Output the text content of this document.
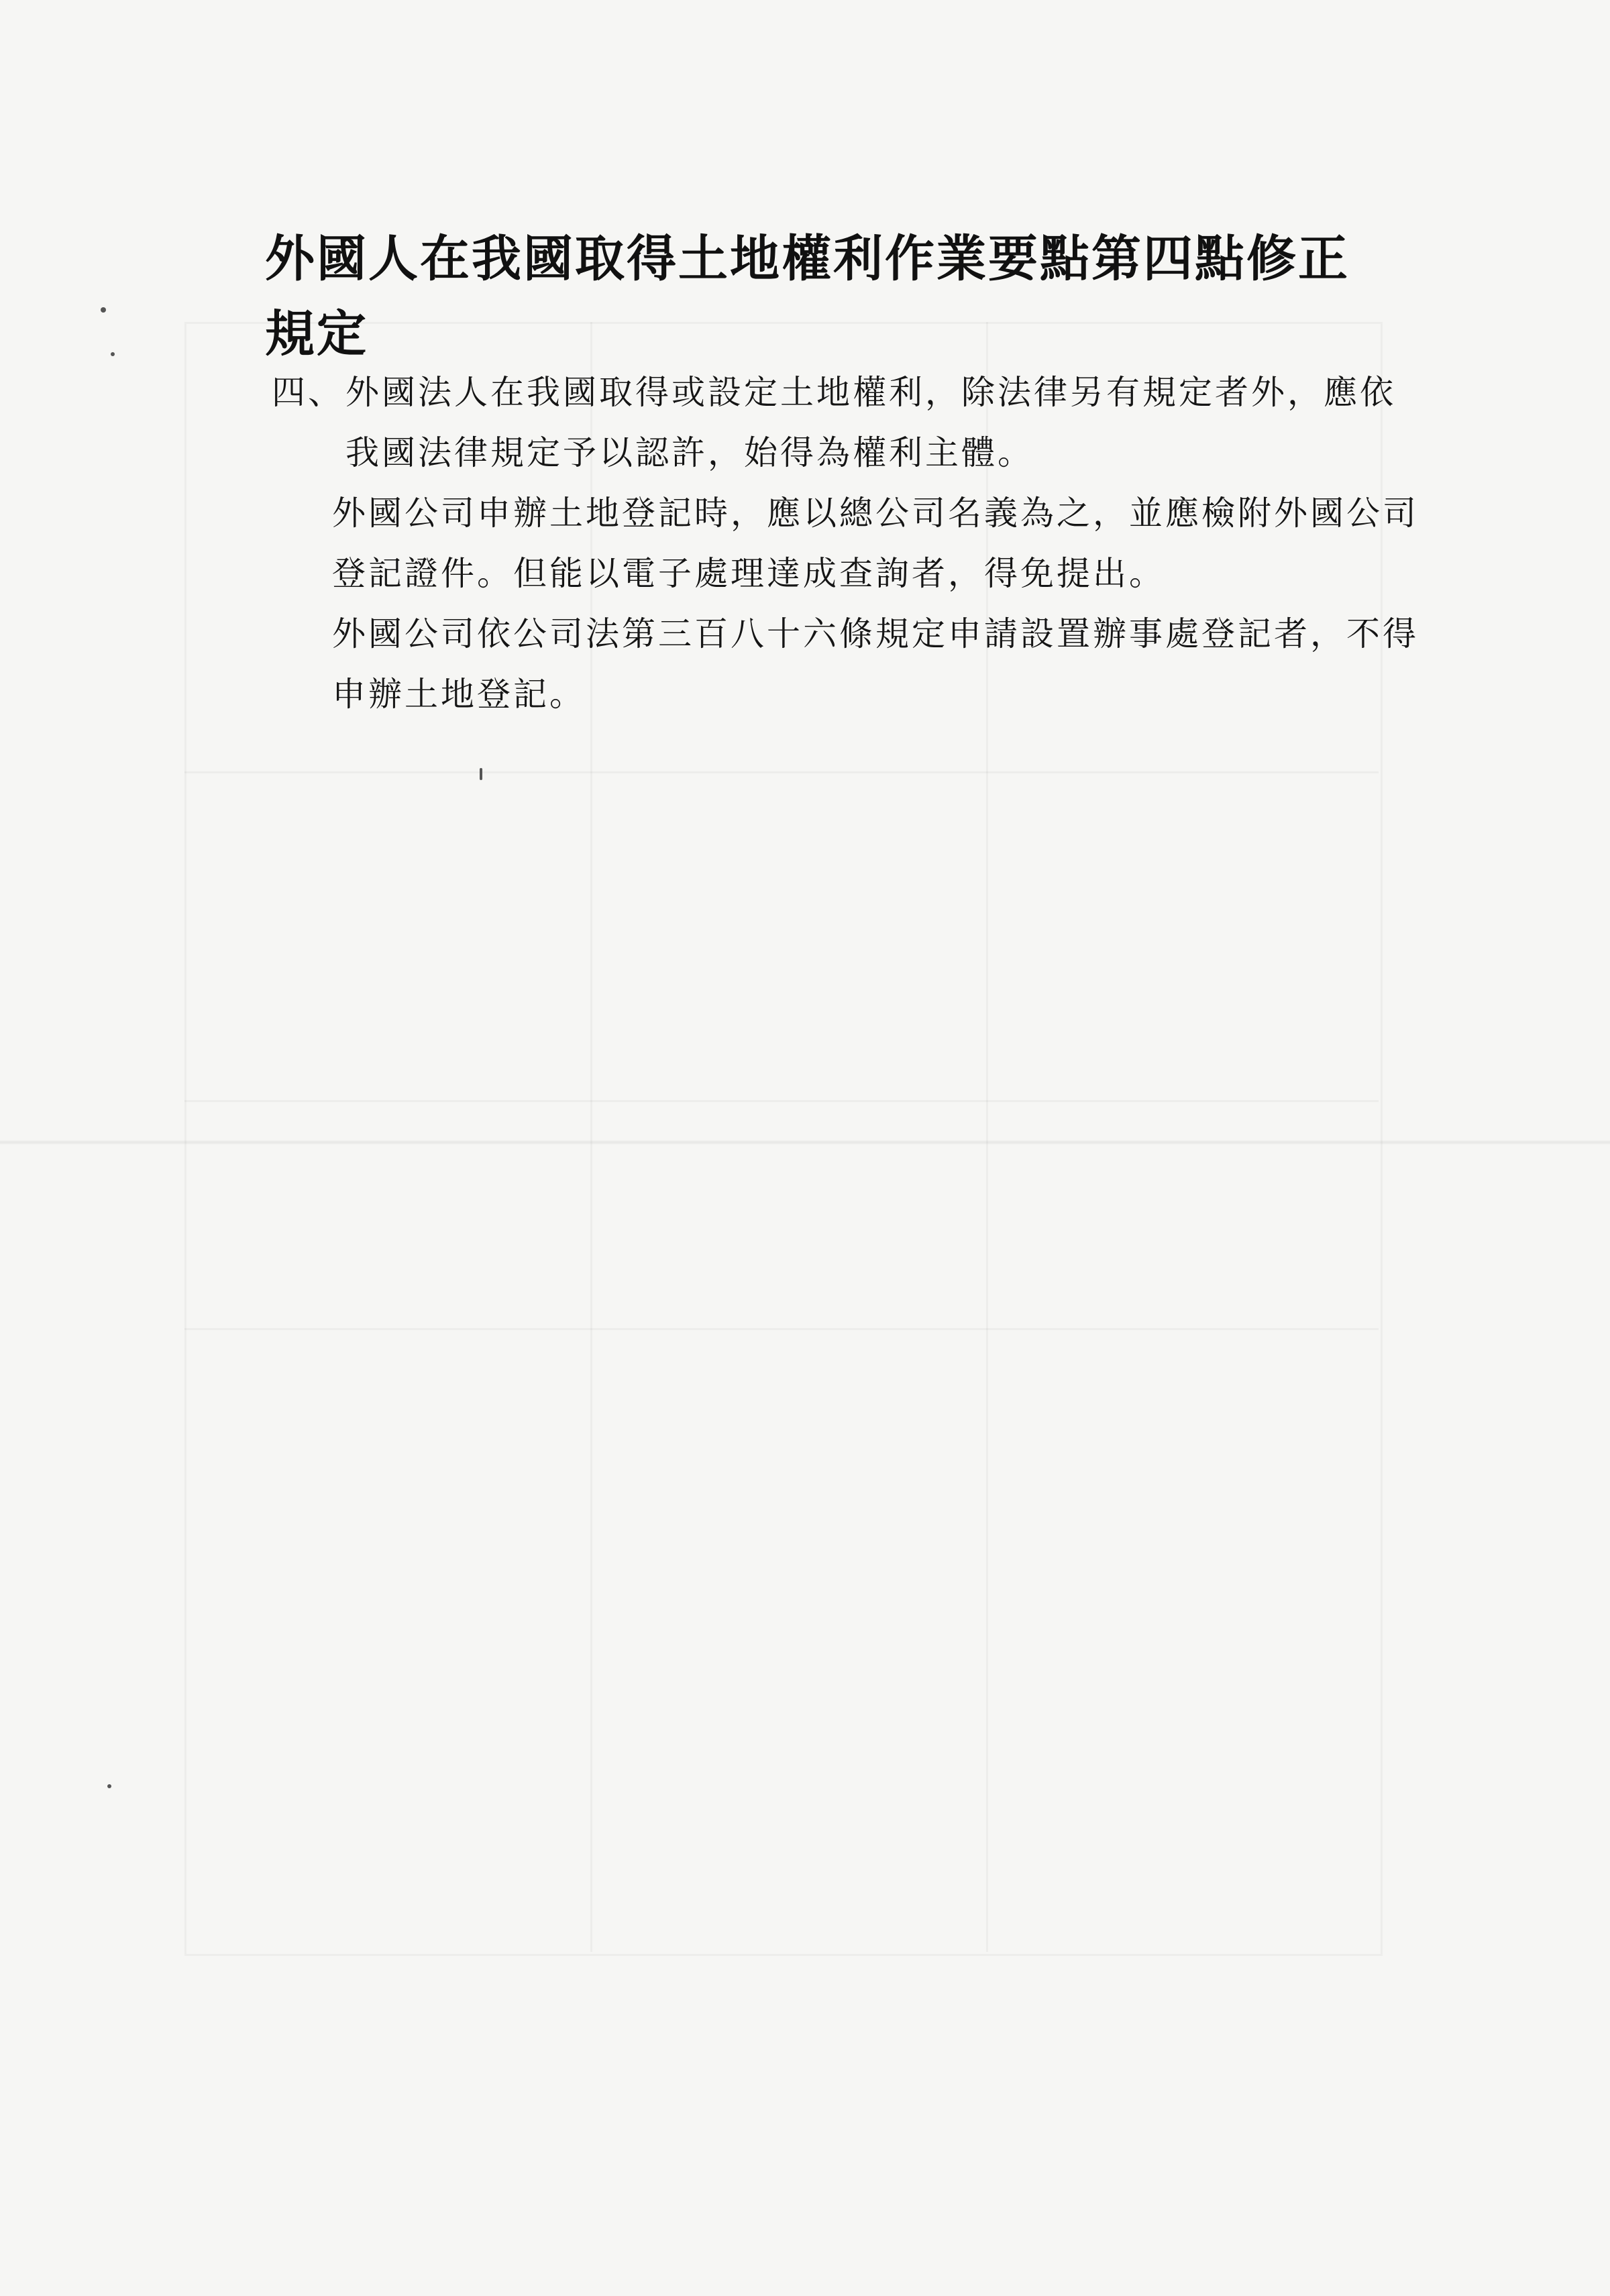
外國人在我國取得土地權利作業要點第四點修正
規定
四、 外國法人在我國取得或設定土地權利，除法律另有規定者外，應依
我國法律規定予以認許，始得為權利主體。
外國公司申辦土地登記時，應以總公司名義為之，並應檢附外國公司
登記證件。但能以電子處理達成查詢者，得免提出。
外國公司依公司法第三百八十六條規定申請設置辦事處登記者，不得
申辦土地登記。
